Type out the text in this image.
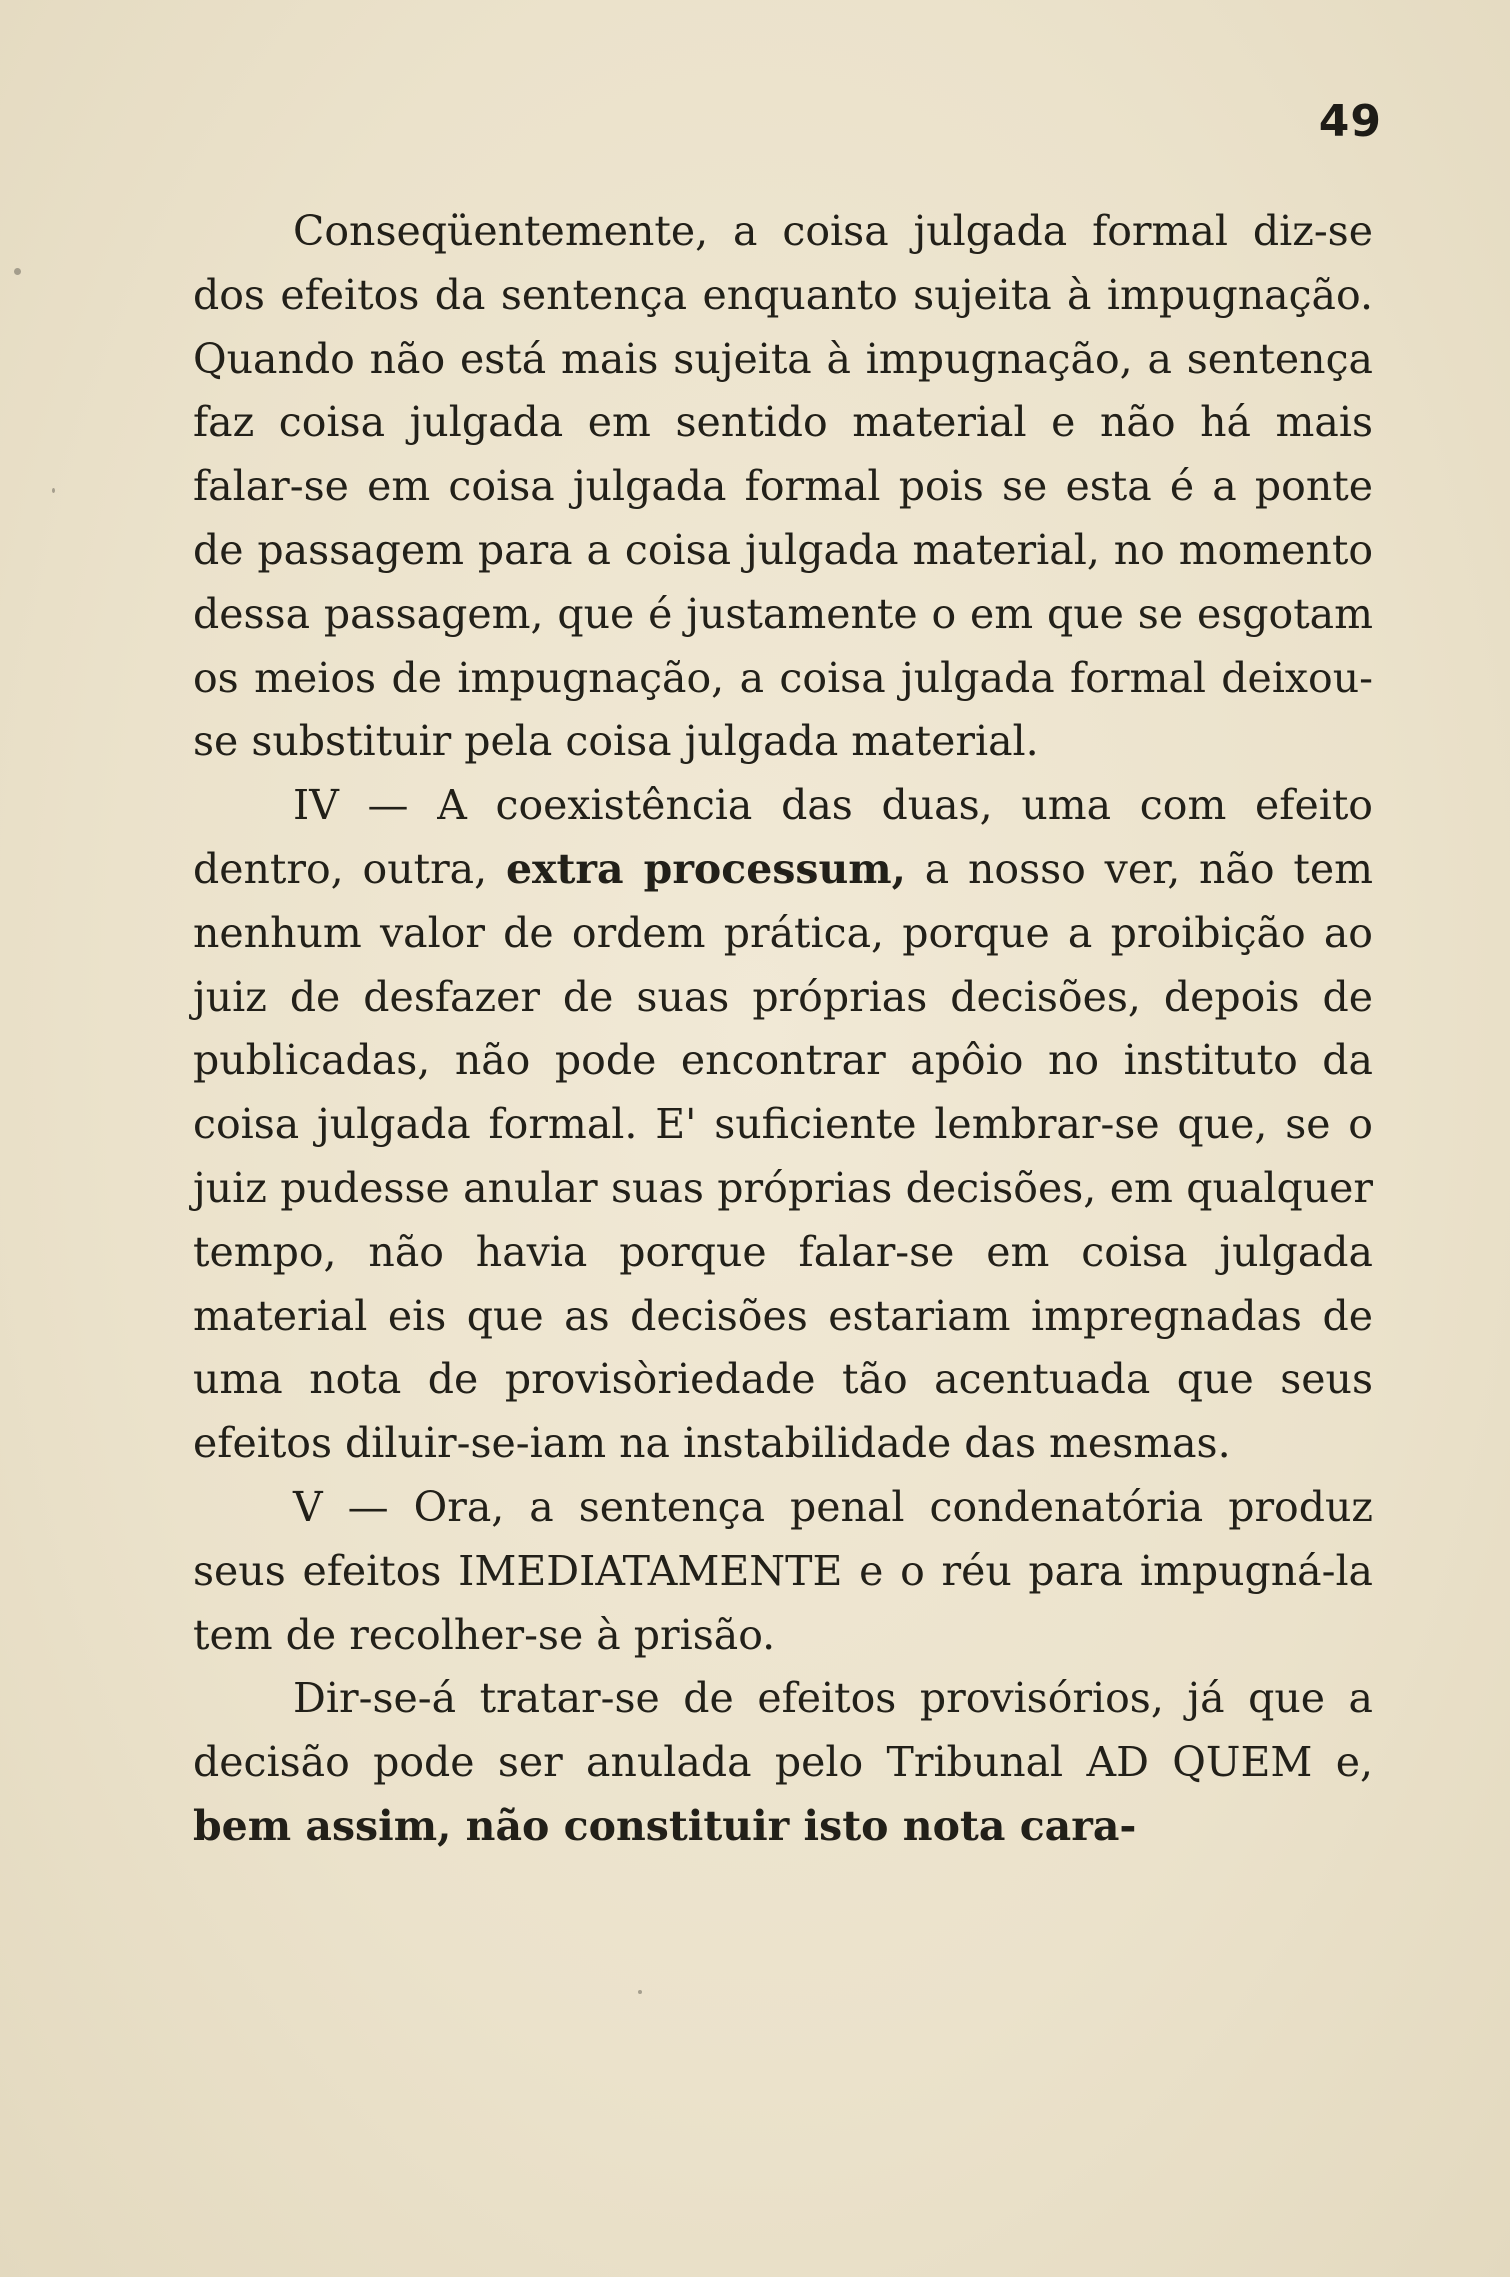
49

Conseqüentemente, a coisa julgada formal diz-se dos efeitos da sentença enquanto sujeita à impugnação. Quando não está mais sujeita à impugnação, a sentença faz coisa julgada em sentido material e não há mais falar-se em coisa julgada formal pois se esta é a ponte de passagem para a coisa julgada material, no momento dessa passagem, que é justamente o em que se esgotam os meios de impugnação, a coisa julgada formal deixou-se substituir pela coisa julgada material.

IV — A coexistência das duas, uma com efeito dentro, outra, extra processum, a nosso ver, não tem nenhum valor de ordem prática, porque a proibição ao juiz de desfazer de suas próprias decisões, depois de publicadas, não pode encontrar apôio no instituto da coisa julgada formal. E' suficiente lembrar-se que, se o juiz pudesse anular suas próprias decisões, em qualquer tempo, não havia porque falar-se em coisa julgada material eis que as decisões estariam impregnadas de uma nota de provisòriedade tão acentuada que seus efeitos diluir-se-iam na instabilidade das mesmas.

V — Ora, a sentença penal condenatória produz seus efeitos IMEDIATAMENTE e o réu para impugná-la tem de recolher-se à prisão.

Dir-se-á tratar-se de efeitos provisórios, já que a decisão pode ser anulada pelo Tribunal AD QUEM e, bem assim, não constituir isto nota cara-
